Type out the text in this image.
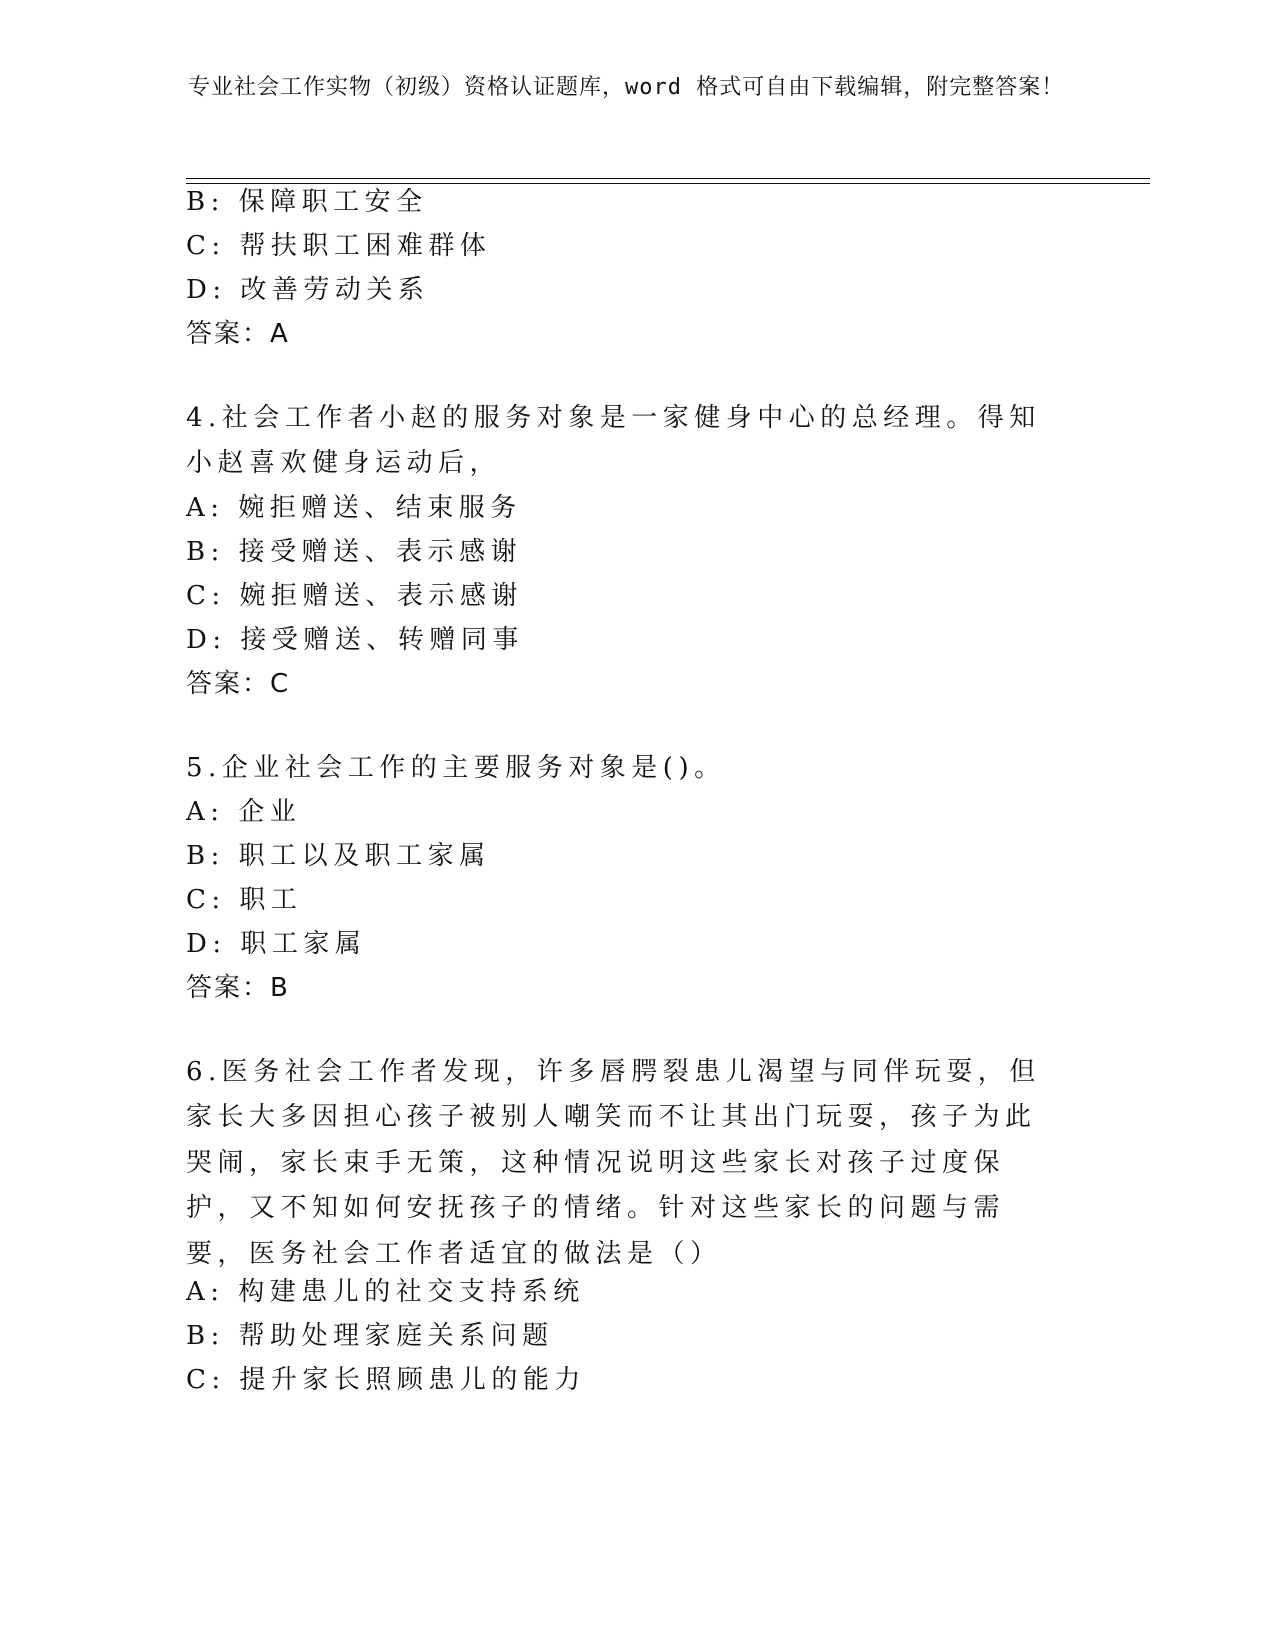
专业社会工作实物（初级）资格认证题库，word 格式可自由下载编辑，附完整答案！
B: 保障职工安全
C: 帮扶职工困难群体
D: 改善劳动关系
答案：A
4.社会工作者小赵的服务对象是一家健身中心的总经理。得知小赵喜欢健身运动后，
A: 婉拒赠送、结束服务
B: 接受赠送、表示感谢
C: 婉拒赠送、表示感谢
D: 接受赠送、转赠同事
答案：C
5.企业社会工作的主要服务对象是()。
A: 企业
B: 职工以及职工家属
C: 职工
D: 职工家属
答案：B
6.医务社会工作者发现，许多唇腭裂患儿渴望与同伴玩耍，但家长大多因担心孩子被别人嘲笑而不让其出门玩耍，孩子为此哭闹，家长束手无策，这种情况说明这些家长对孩子过度保护，又不知如何安抚孩子的情绪。针对这些家长的问题与需要，医务社会工作者适宜的做法是（）
A: 构建患儿的社交支持系统
B: 帮助处理家庭关系问题
C: 提升家长照顾患儿的能力
